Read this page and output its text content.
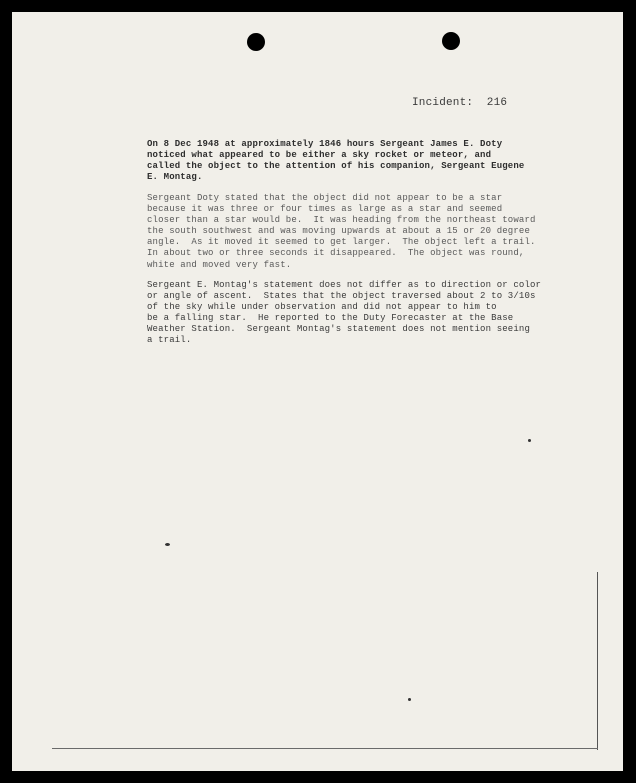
Incident:  216

On 8 Dec 1948 at approximately 1846 hours Sergeant James E. Doty
noticed what appeared to be either a sky rocket or meteor, and
called the object to the attention of his companion, Sergeant Eugene
E. Montag.

Sergeant Doty stated that the object did not appear to be a star
because it was three or four times as large as a star and seemed
closer than a star would be.  It was heading from the northeast toward
the south southwest and was moving upwards at about a 15 or 20 degree
angle.  As it moved it seemed to get larger.  The object left a trail.
In about two or three seconds it disappeared.  The object was round,
white and moved very fast.

Sergeant E. Montag's statement does not differ as to direction or color
or angle of ascent.  States that the object traversed about 2 to 3/10s
of the sky while under observation and did not appear to him to
be a falling star.  He reported to the Duty Forecaster at the Base
Weather Station.  Sergeant Montag's statement does not mention seeing
a trail.
